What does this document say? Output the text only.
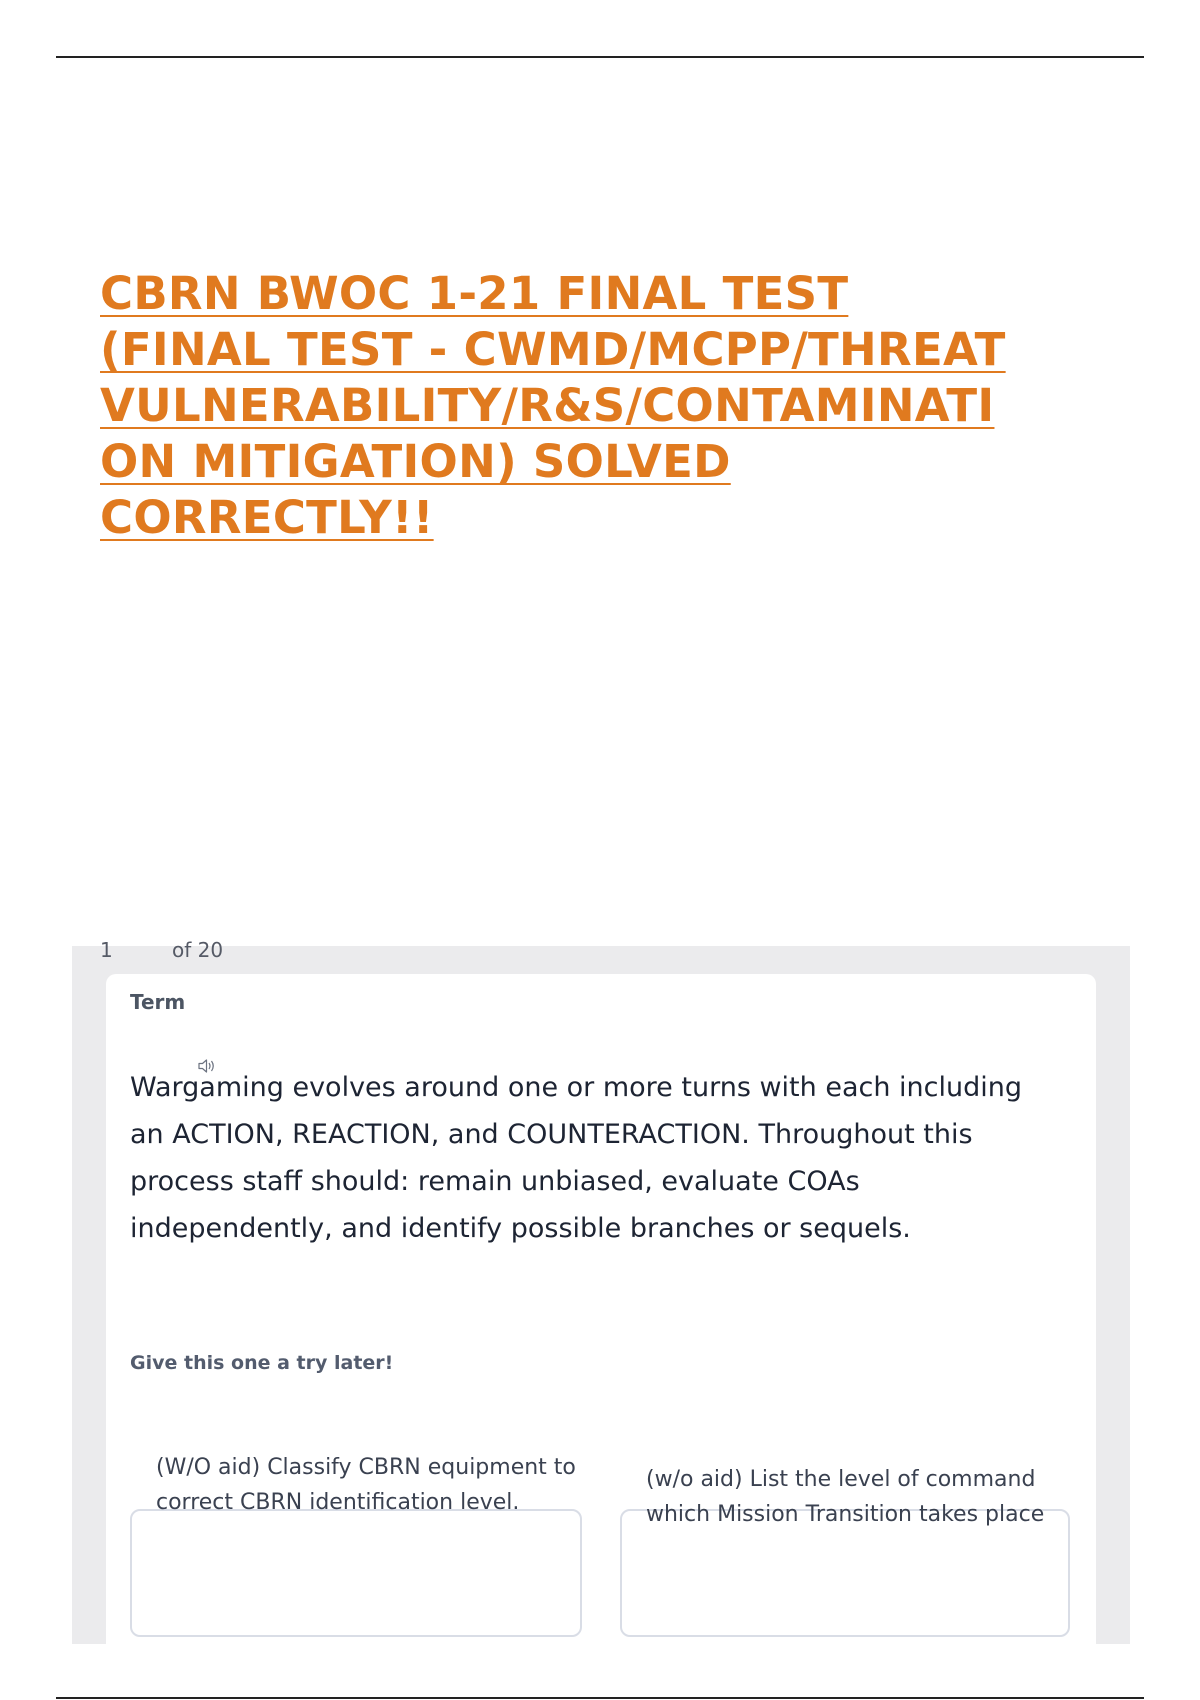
CBRN BWOC 1-21 FINAL TEST
(FINAL TEST - CWMD/MCPP/THREAT
VULNERABILITY/R&S/CONTAMINATI
ON MITIGATION) SOLVED
CORRECTLY!!
1	of 20
Term

Wargaming evolves around one or more turns with each including an ACTION, REACTION, and COUNTERACTION. Throughout this process staff should: remain unbiased, evaluate COAs independently, and identify possible branches or sequels.

Give this one a try later!
(W/O aid) Classify CBRN equipment to correct CBRN identification level.
(w/o aid) List the level of command which Mission Transition takes place
